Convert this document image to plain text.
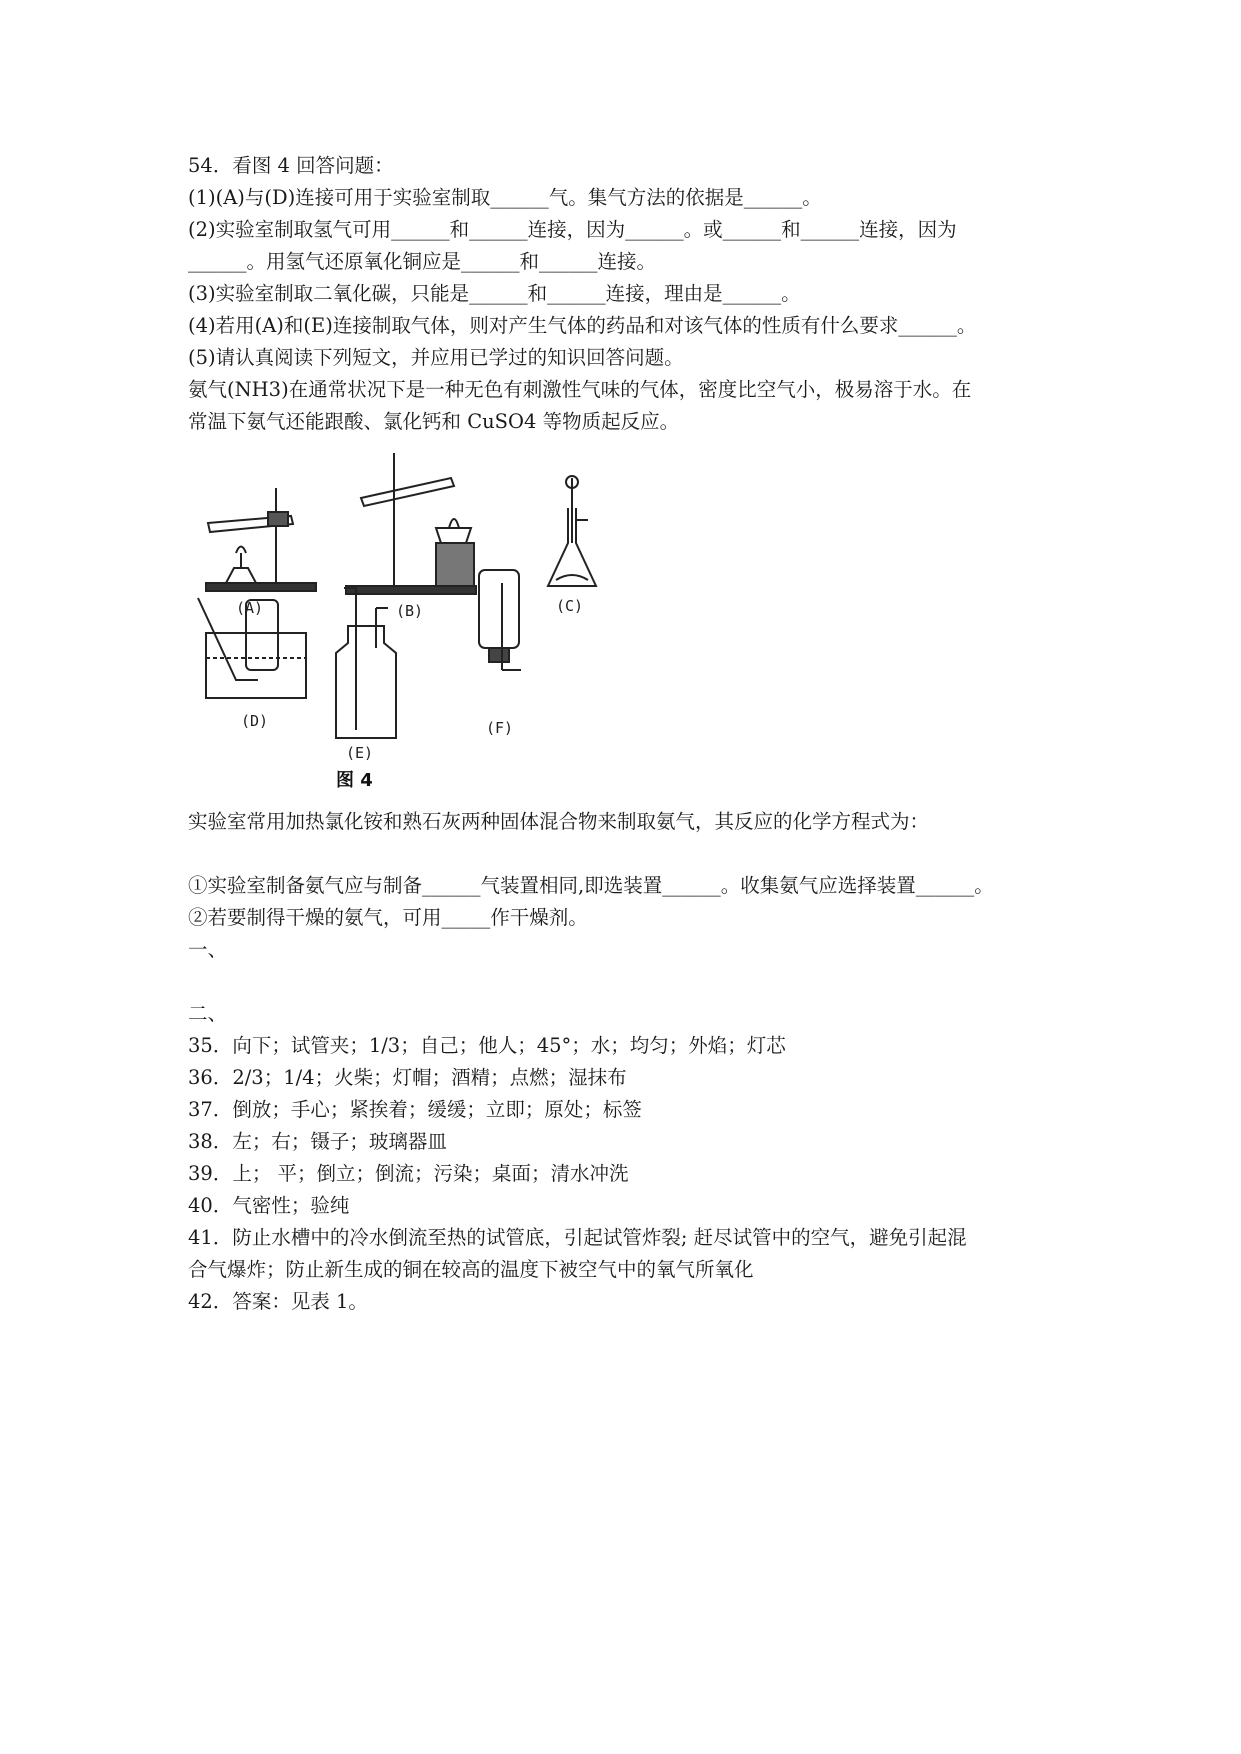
54．看图 4 回答问题：
(1)(A)与(D)连接可用于实验室制取______气。集气方法的依据是______。
(2)实验室制取氢气可用______和______连接，因为______。或______和______连接，因为
______。用氢气还原氧化铜应是______和______连接。
(3)实验室制取二氧化碳，只能是______和______连接，理由是______。
(4)若用(A)和(E)连接制取气体，则对产生气体的药品和对该气体的性质有什么要求______。
(5)请认真阅读下列短文，并应用已学过的知识回答问题。
氨气(NH3)在通常状况下是一种无色有刺激性气味的气体，密度比空气小，极易溶于水。在
常温下氨气还能跟酸、氯化钙和 CuSO4 等物质起反应。
(A)	(B)	(C)
(D)
(E)
(F)
图 4
实验室常用加热氯化铵和熟石灰两种固体混合物来制取氨气，其反应的化学方程式为：
①实验室制备氨气应与制备______气装置相同,即选装置______。收集氨气应选择装置______。
②若要制得干燥的氨气，可用_____作干燥剂。
一、
二、
35．向下；试管夹；1/3；自己；他人；45°；水；均匀；外焰；灯芯
36．2/3；1/4；火柴；灯帽；酒精；点燃；湿抹布
37．倒放；手心；紧挨着；缓缓；立即；原处；标签
38．左；右；镊子；玻璃器皿
39．上； 平；倒立；倒流；污染；桌面；清水冲洗
40．气密性；验纯
41．防止水槽中的冷水倒流至热的试管底，引起试管炸裂; 赶尽试管中的空气，避免引起混
合气爆炸；防止新生成的铜在较高的温度下被空气中的氧气所氧化
42．答案：见表 1。
